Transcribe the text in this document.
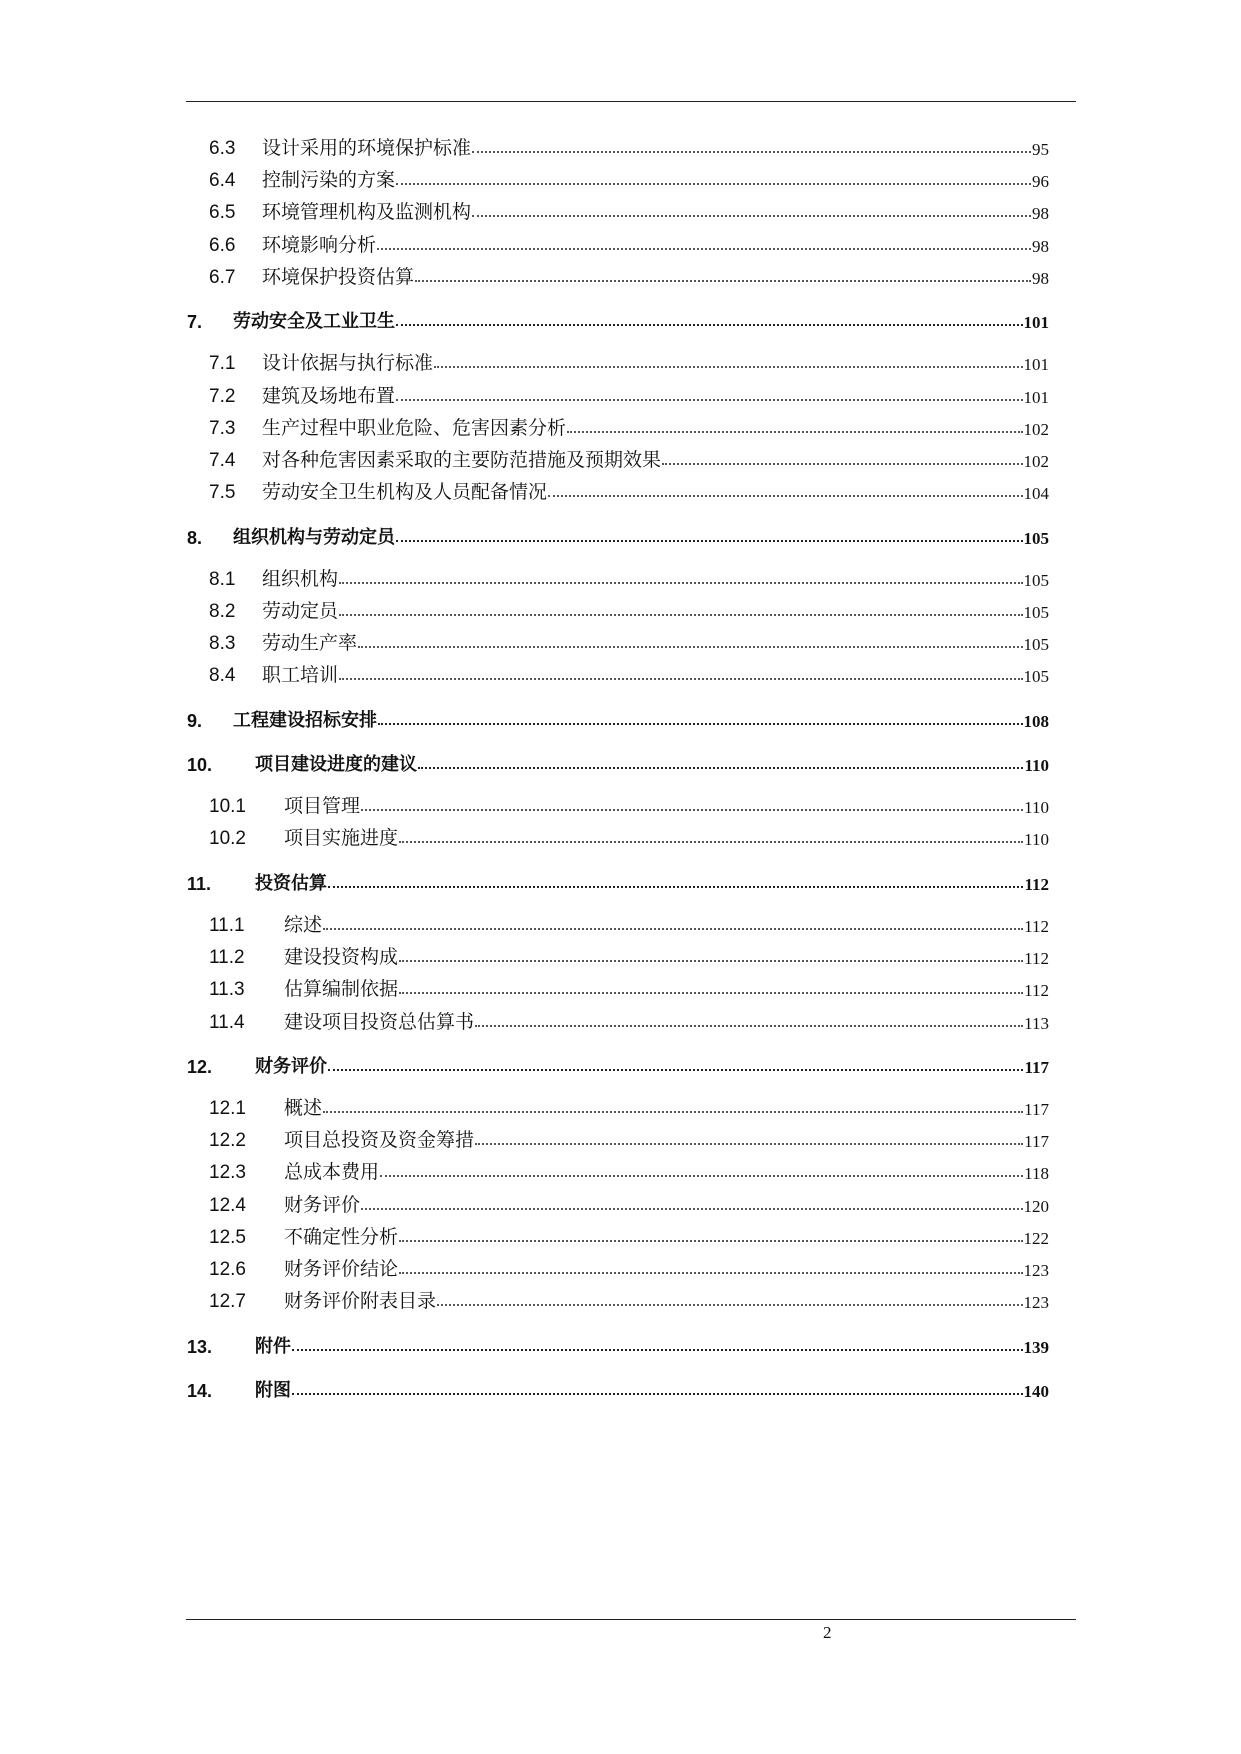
6.3	设计采用的环境保护标准	95
6.4	控制污染的方案	96
6.5	环境管理机构及监测机构	98
6.6	环境影响分析	98
6.7	环境保护投资估算	98
7.	劳动安全及工业卫生	101
7.1	设计依据与执行标准	101
7.2	建筑及场地布置	101
7.3	生产过程中职业危险、危害因素分析	102
7.4	对各种危害因素采取的主要防范措施及预期效果	102
7.5	劳动安全卫生机构及人员配备情况	104
8.	组织机构与劳动定员	105
8.1	组织机构	105
8.2	劳动定员	105
8.3	劳动生产率	105
8.4	职工培训	105
9.	工程建设招标安排	108
10.	项目建设进度的建议	110
10.1	项目管理	110
10.2	项目实施进度	110
11.	投资估算	112
11.1	综述	112
11.2	建设投资构成	112
11.3	估算编制依据	112
11.4	建设项目投资总估算书	113
12.	财务评价	117
12.1	概述	117
12.2	项目总投资及资金筹措	117
12.3	总成本费用	118
12.4	财务评价	120
12.5	不确定性分析	122
12.6	财务评价结论	123
12.7	财务评价附表目录	123
13.	附件	139
14.	附图	140
2
